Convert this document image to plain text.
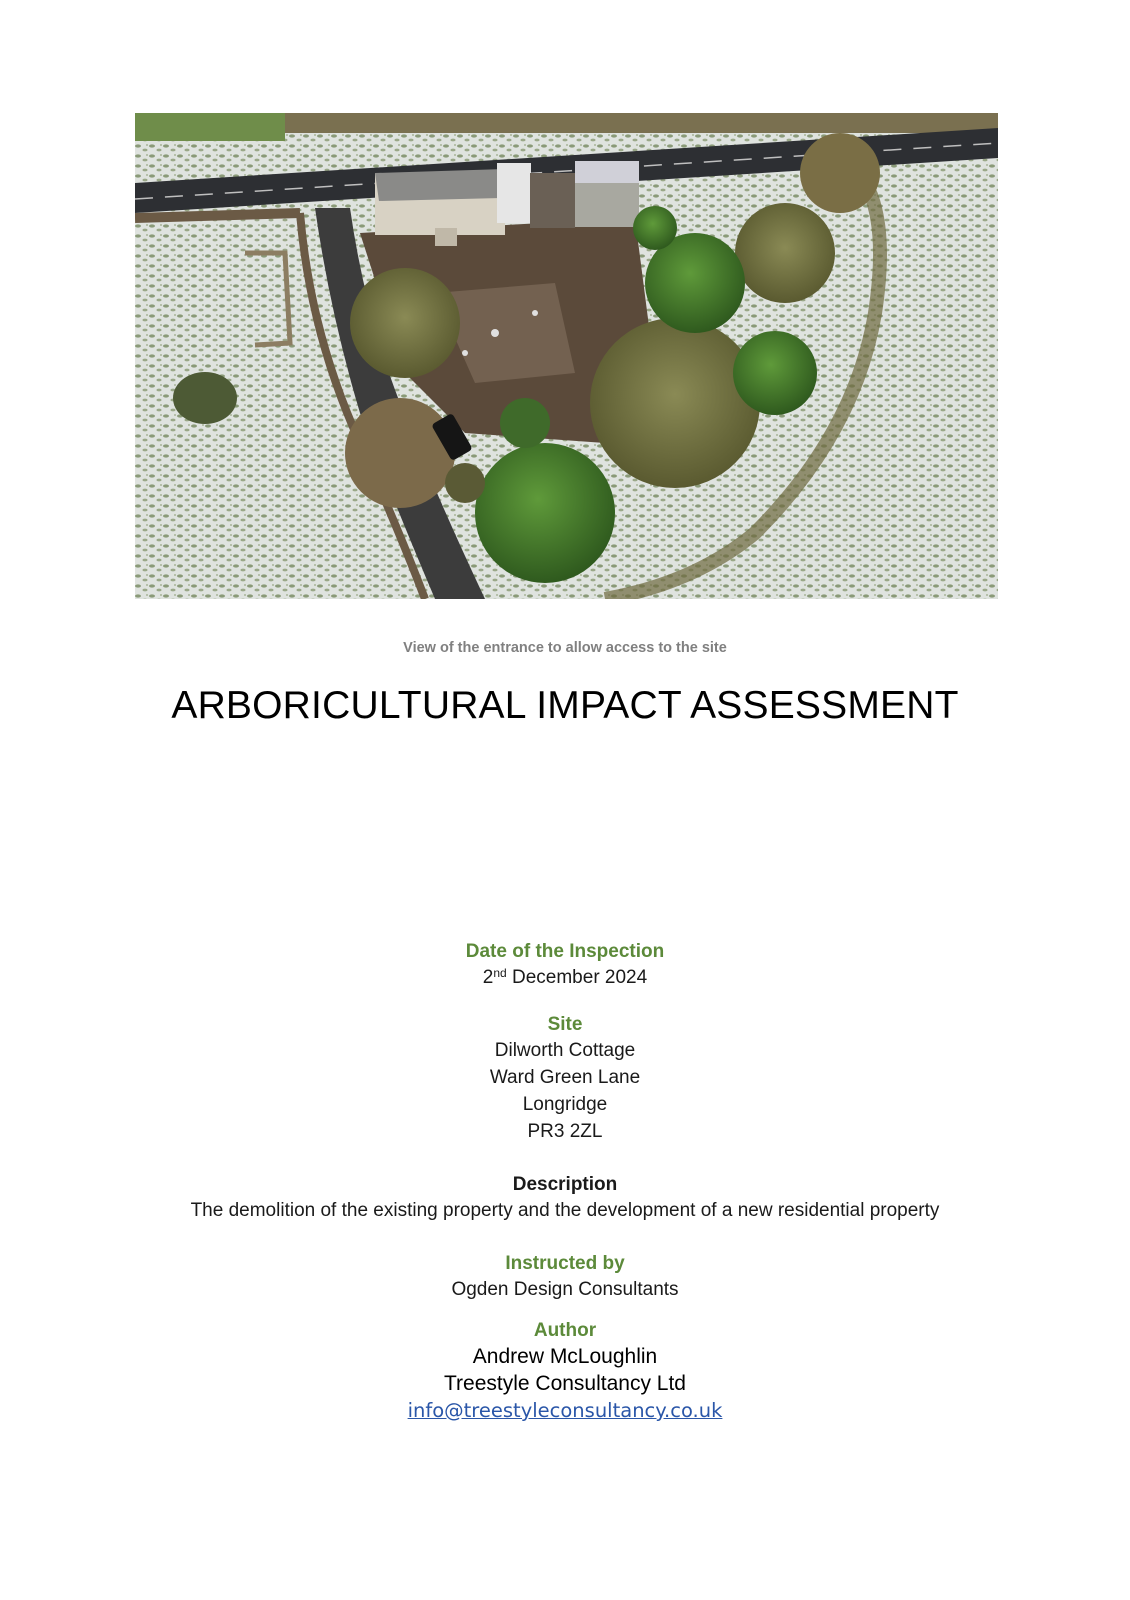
View of the entrance to allow access to the site
ARBORICULTURAL IMPACT ASSESSMENT
Date of the Inspection
2nd December 2024
Site
Dilworth Cottage
Ward Green Lane
Longridge
PR3 2ZL
Description
The demolition of the existing property and the development of a new residential property
Instructed by
Ogden Design Consultants
Author
Andrew McLoughlin
Treestyle Consultancy Ltd
info@treestyleconsultancy.co.uk
